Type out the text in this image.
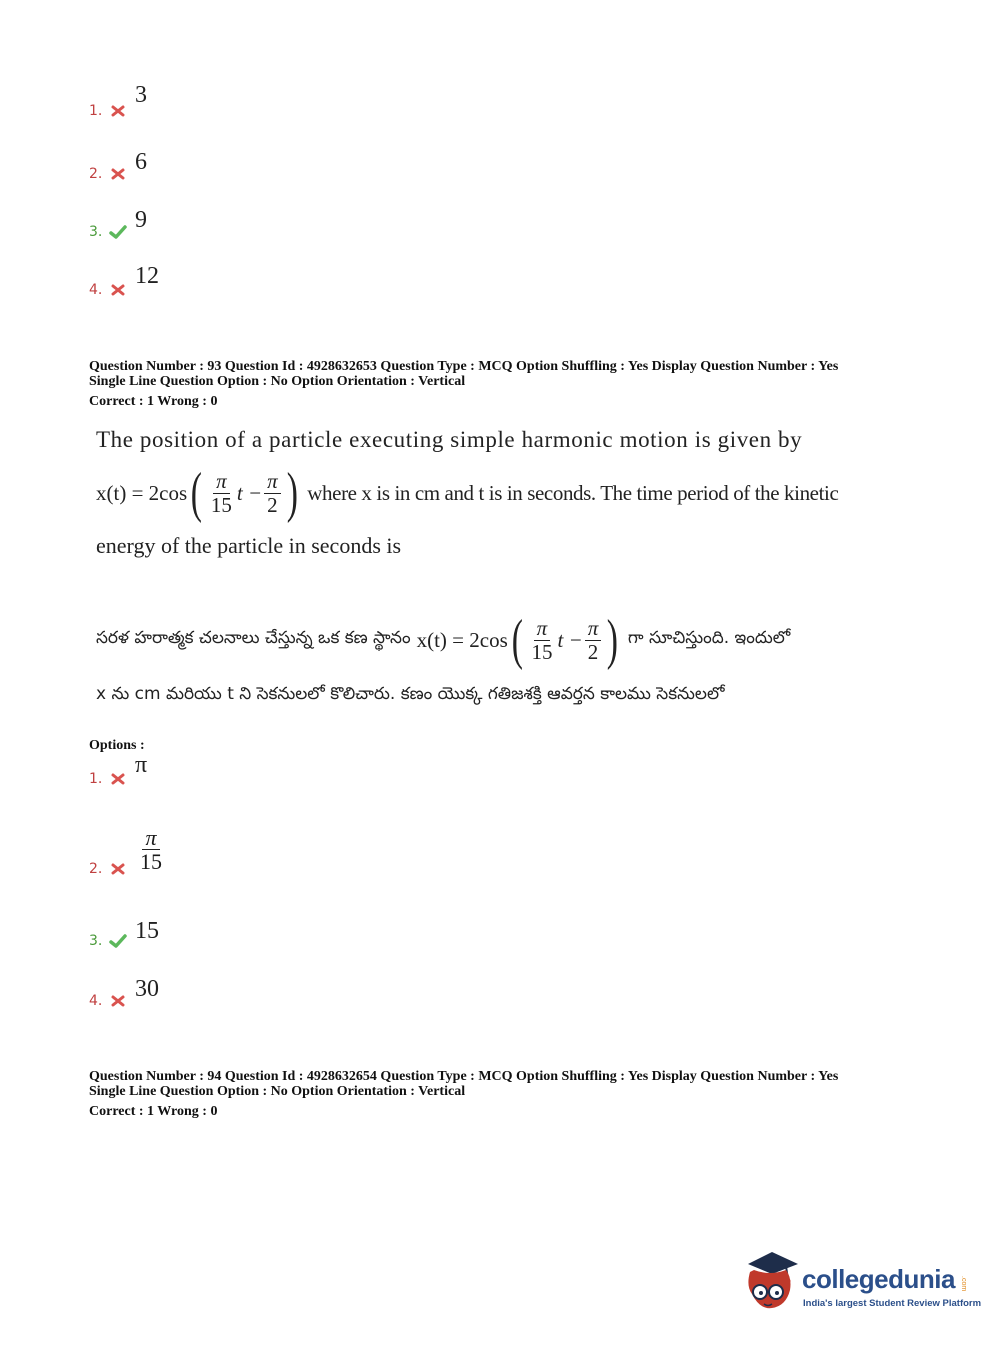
1.
3
2. 6
3. 9
4.
12
Question Number : 93 Question Id : 4928632653 Question Type : MCQ Option Shuffling : Yes Display Question Number : Yes
Single Line Question Option : No Option Orientation : Vertical
Correct : 1 Wrong : 0
The position of a particle executing simple harmonic motion is given by
x(t) = 2cos ( $\frac{\pi}{15}$ $t - \frac{\pi}{2}$ ) where x is in cm and t is in seconds. The time period of the kinetic
energy of the particle in seconds is
సరళ హరాత్మక చలనాలు చేస్తున్న ఒక కణ స్థానం x(t) = 2cos ( $\frac{\pi}{15}$ $t - \frac{\pi}{2}$ ) గా సూచిస్తుంది. ఇందులో
x ను cm మరియు t ని సెకనులలో కొలిచారు. కణం యొక్క గతిజశక్తి ఆవర్తన కాలము సెకనులలో
Options :
1.
π
2.	$\frac{\pi}{15}$
3. 15
4. 30
Question Number : 94 Question Id : 4928632654 Question Type : MCQ Option Shuffling : Yes Display Question Number : Yes
Single Line Question Option : No Option Orientation : Vertical
Correct : 1 Wrong : 0
collegedunia .com
India's largest Student Review Platform
